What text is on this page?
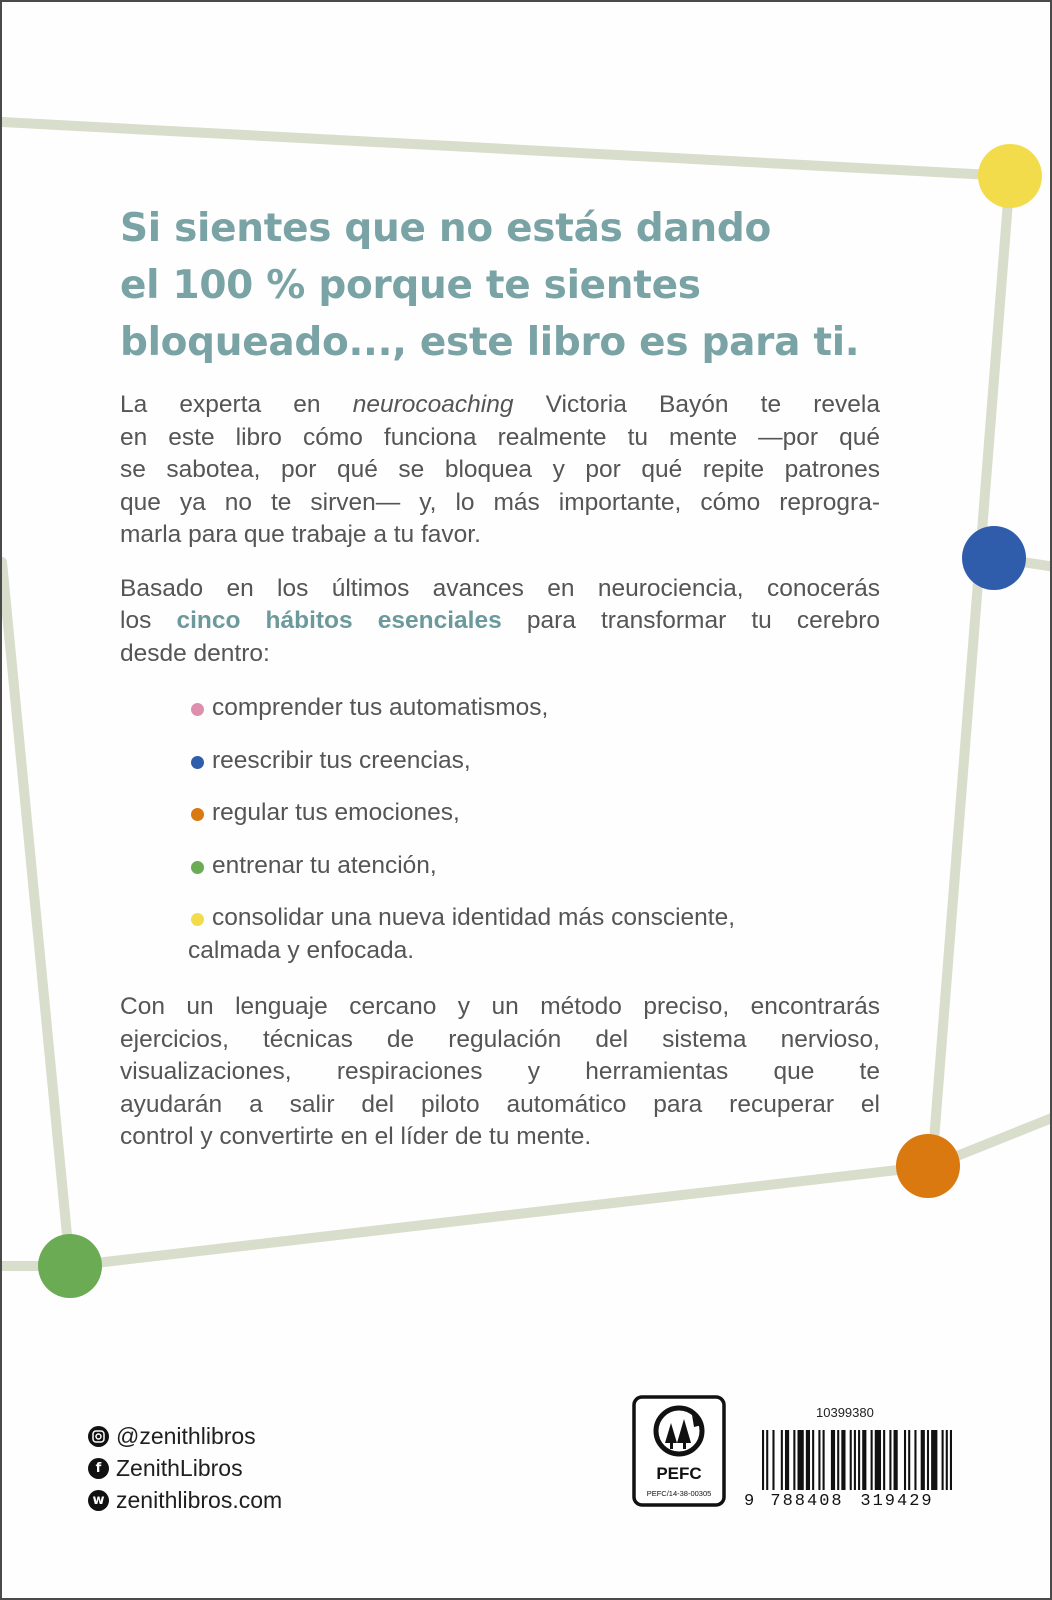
Si sientes que no estás dando
el 100 % porque te sientes
bloqueado..., este libro es para ti.

La experta en neurocoaching Victoria Bayón te revela
en este libro cómo funciona realmente tu mente —por qué
se sabotea, por qué se bloquea y por qué repite patrones
que ya no te sirven— y, lo más importante, cómo reprogra-
marla para que trabaje a tu favor.

Basado en los últimos avances en neurociencia, conocerás
los cinco hábitos esenciales para transformar tu cerebro
desde dentro:

comprender tus automatismos,
reescribir tus creencias,
regular tus emociones,
entrenar tu atención,
consolidar una nueva identidad más consciente,
calmada y enfocada.

Con un lenguaje cercano y un método preciso, encontrarás
ejercicios, técnicas de regulación del sistema nervioso,
visualizaciones, respiraciones y herramientas que te
ayudarán a salir del piloto automático para recuperar el
control y convertirte en el líder de tu mente.

@zenithlibros
f ZenithLibros
w zenithlibros.com
PEFC
PEFC/14-38-00305
10399380
9 788408 319429
